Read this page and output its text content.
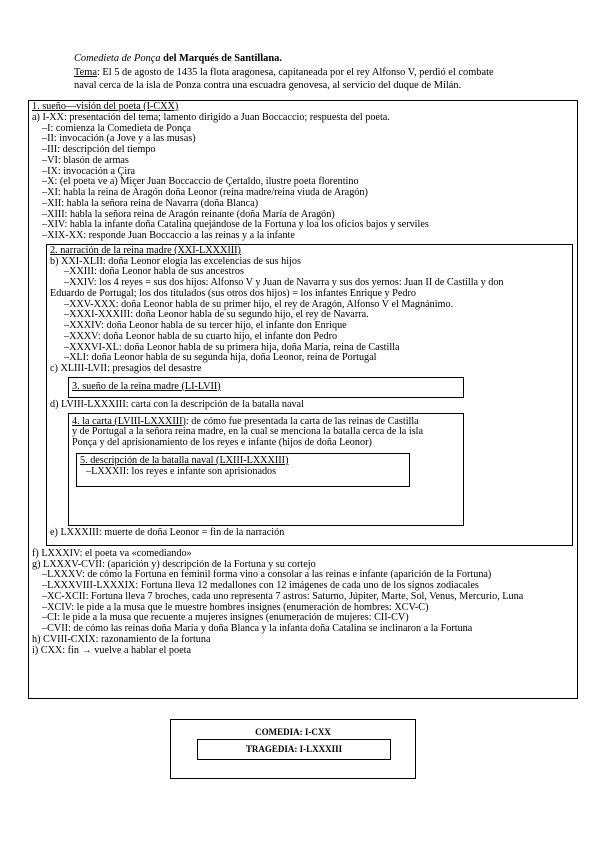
Comedieta de Ponça del Marqués de Santillana.
Tema: El 5 de agosto de 1435 la flota aragonesa, capitaneada por el rey Alfonso V, perdió el combate
naval cerca de la isla de Ponza contra una escuadra genovesa, al servicio del duque de Milán.
1. sueño—visión del poeta (I-CXX)
a) I-XX: presentación del tema; lamento dirigido a Juan Boccaccio; respuesta del poeta.
–I: comienza la Comedieta de Ponça
–II: invocación (a Jove y a las musas)
–III: descripción del tiempo
–VI: blasón de armas
–IX: invocación a Çira
–X: (el poeta ve a) Miçer Juan Boccaccio de Çertaldo, ilustre poeta florentino
–XI: habla la reina de Aragón doña Leonor (reina madre/reina viuda de Aragón)
–XII: habla la señora reina de Navarra (doña Blanca)
–XIII: habla la señora reina de Aragón reinante (doña María de Aragón)
–XIV: habla la infante doña Catalina quejándose de la Fortuna y loa los oficios bajos y serviles
–XIX-XX: responde Juan Boccaccio a las reinas y a la infante
2. narración de la reina madre (XXI-LXXXIII)
b) XXI-XLII: doña Leonor elogia las excelencias de sus hijos
–XXIII: doña Leonor habla de sus ancestros
–XXIV: los 4 reyes = sus dos hijos: Alfonso V y Juan de Navarra y sus dos yernos: Juan II de Castilla y don
Eduardo de Portugal; los dos titulados (sus otros dos hijos) = los infantes Enrique y Pedro
–XXV-XXX: doña Leonor habla de su primer hijo, el rey de Aragón, Alfonso V el Magnánimo.
–XXXI-XXXIII: doña Leonor habla de su segundo hijo, el rey de Navarra.
–XXXIV: doña Leonor habla de su tercer hijo, el infante don Enrique
–XXXV: doña Leonor habla de su cuarto hijo, el infante don Pedro
–XXXVI-XL: doña Leonor habla de su primera hija, doña María, reina de Castilla
–XLI: doña Leonor habla de su segunda hija, doña Leonor, reina de Portugal
c) XLIII-LVII: presagios del desastre
3. sueño de la reina madre (LI-LVII)
d) LVIII-LXXXIII: carta con la descripción de la batalla naval
4. la carta (LVIII-LXXXIII): de cómo fue presentada la carta de las reinas de Castilla
y de Portugal a la señora reina madre, en la cual se menciona la batalla cerca de la isla
Ponça y del aprisionamiento de los reyes e infante (hijos de doña Leonor)
5. descripción de la batalla naval (LXIII-LXXXIII)
–LXXXII: los reyes e infante son aprisionados
e) LXXXIII: muerte de doña Leonor = fin de la narración
f) LXXXIV: el poeta va «comediando»
g) LXXXV-CVII: (aparición y) descripción de la Fortuna y su cortejo
–LXXXV: de cómo la Fortuna en feminil forma vino a consolar a las reinas e infante (aparición de la Fortuna)
–LXXXVIII-LXXXIX: Fortuna lleva 12 medallones con 12 imágenes de cada uno de los signos zodiacales
–XC-XCII: Fortuna lleva 7 broches, cada uno representa 7 astros: Saturno, Júpiter, Marte, Sol, Venus, Mercurio, Luna
–XCIV: le pide a la musa que le muestre hombres insignes (enumeración de hombres: XCV-C)
–CI: le pide a la musa que recuente a mujeres insignes (enumeración de mujeres: CII-CV)
–CVII: de cómo las reinas doña María y doña Blanca y la infanta doña Catalina se inclinaron a la Fortuna
h) CVIII-CXIX: razonamiento de la fortuna
i) CXX: fin → vuelve a hablar el poeta
COMEDIA: I-CXX
TRAGEDIA: I-LXXXIII
